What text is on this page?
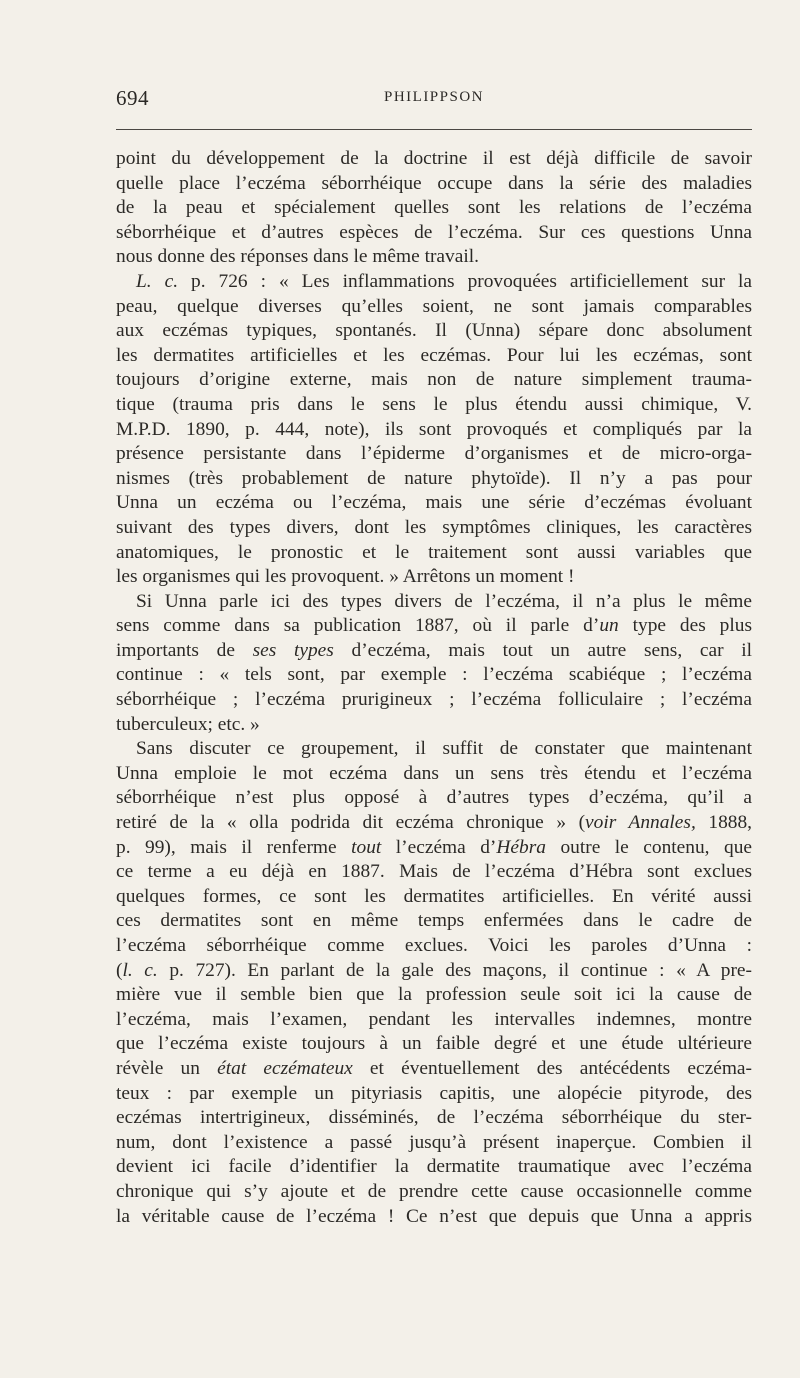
694	PHILIPPSON
point du développement de la doctrine il est déjà difficile de savoir
quelle place l’eczéma séborrhéique occupe dans la série des maladies
de la peau et spécialement quelles sont les relations de l’eczéma
séborrhéique et d’autres espèces de l’eczéma. Sur ces questions Unna
nous donne des réponses dans le même travail.
L. c. p. 726 : « Les inflammations provoquées artificiellement sur la
peau, quelque diverses qu’elles soient, ne sont jamais comparables
aux eczémas typiques, spontanés. Il (Unna) sépare donc absolument
les dermatites artificielles et les eczémas. Pour lui les eczémas, sont
toujours d’origine externe, mais non de nature simplement trauma-
tique (trauma pris dans le sens le plus étendu aussi chimique, V.
M.P.D. 1890, p. 444, note), ils sont provoqués et compliqués par la
présence persistante dans l’épiderme d’organismes et de micro-orga-
nismes (très probablement de nature phytoïde). Il n’y a pas pour
Unna un eczéma ou l’eczéma, mais une série d’eczémas évoluant
suivant des types divers, dont les symptômes cliniques, les caractères
anatomiques, le pronostic et le traitement sont aussi variables que
les organismes qui les provoquent. » Arrêtons un moment !
Si Unna parle ici des types divers de l’eczéma, il n’a plus le même
sens comme dans sa publication 1887, où il parle d’un type des plus
importants de ses types d’eczéma, mais tout un autre sens, car il
continue : « tels sont, par exemple : l’eczéma scabiéque ; l’eczéma
séborrhéique ; l’eczéma prurigineux ; l’eczéma folliculaire ; l’eczéma
tuberculeux; etc. »
Sans discuter ce groupement, il suffit de constater que maintenant
Unna emploie le mot eczéma dans un sens très étendu et l’eczéma
séborrhéique n’est plus opposé à d’autres types d’eczéma, qu’il a
retiré de la « olla podrida dit eczéma chronique » (voir Annales, 1888,
p. 99), mais il renferme tout l’eczéma d’Hébra outre le contenu, que
ce terme a eu déjà en 1887. Mais de l’eczéma d’Hébra sont exclues
quelques formes, ce sont les dermatites artificielles. En vérité aussi
ces dermatites sont en même temps enfermées dans le cadre de
l’eczéma séborrhéique comme exclues. Voici les paroles d’Unna :
(l. c. p. 727). En parlant de la gale des maçons, il continue : « A pre-
mière vue il semble bien que la profession seule soit ici la cause de
l’eczéma, mais l’examen, pendant les intervalles indemnes, montre
que l’eczéma existe toujours à un faible degré et une étude ultérieure
révèle un état eczémateux et éventuellement des antécédents eczéma-
teux : par exemple un pityriasis capitis, une alopécie pityrode, des
eczémas intertrigineux, disséminés, de l’eczéma séborrhéique du ster-
num, dont l’existence a passé jusqu’à présent inaperçue. Combien il
devient ici facile d’identifier la dermatite traumatique avec l’eczéma
chronique qui s’y ajoute et de prendre cette cause occasionnelle comme
la véritable cause de l’eczéma ! Ce n’est que depuis que Unna a appris
